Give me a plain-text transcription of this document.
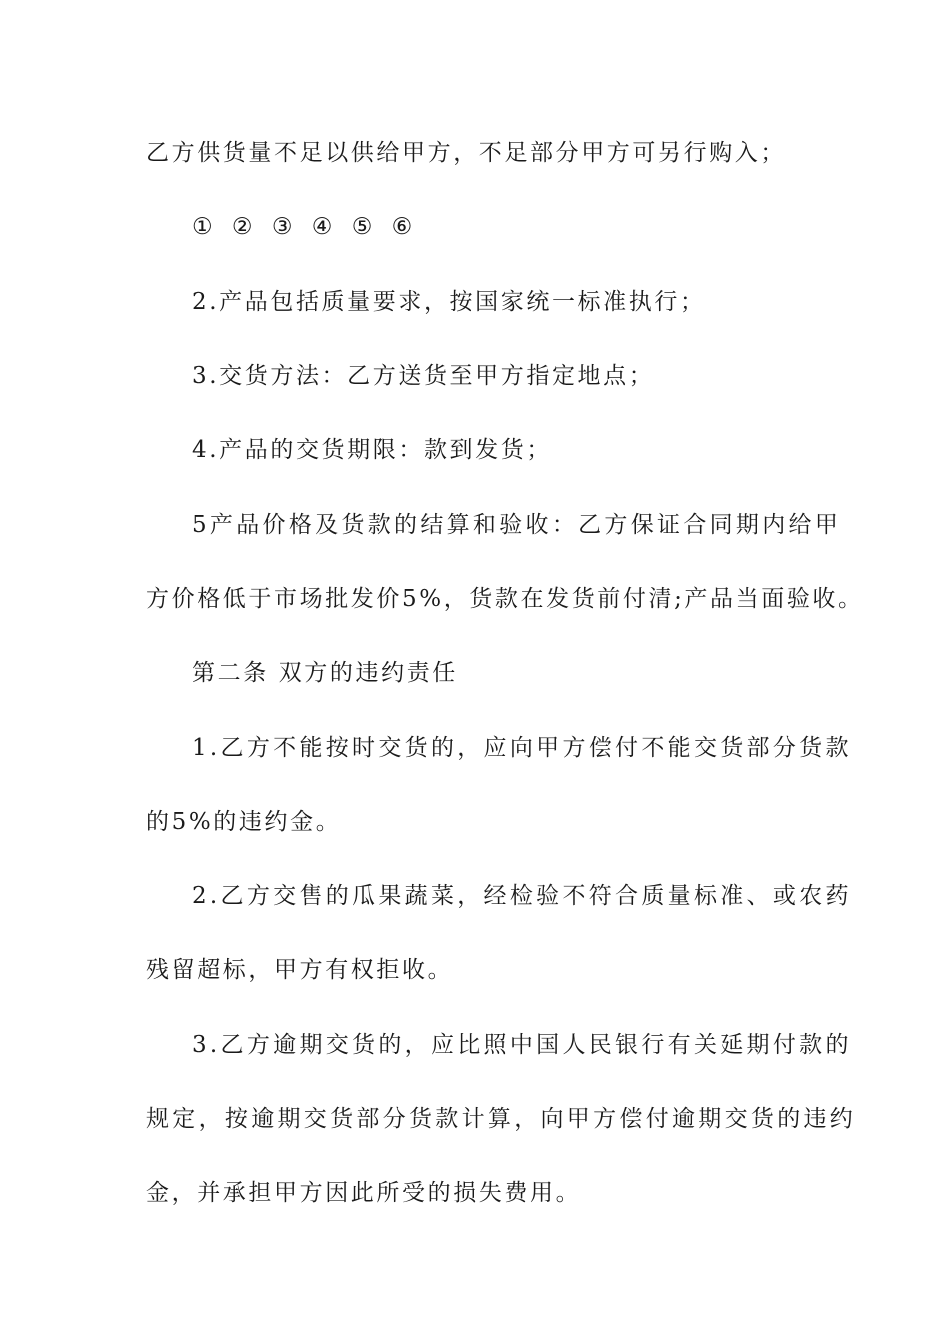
乙方供货量不足以供给甲方，不足部分甲方可另行购入；
① ② ③ ④ ⑤ ⑥
2.产品包括质量要求，按国家统一标准执行；
3.交货方法：乙方送货至甲方指定地点；
4.产品的交货期限：款到发货；
5产品价格及货款的结算和验收：乙方保证合同期内给甲
方价格低于市场批发价5%，货款在发货前付清;产品当面验收。
第二条 双方的违约责任
1.乙方不能按时交货的，应向甲方偿付不能交货部分货款
的5%的违约金。
2.乙方交售的瓜果蔬菜，经检验不符合质量标准、或农药
残留超标，甲方有权拒收。
3.乙方逾期交货的，应比照中国人民银行有关延期付款的
规定，按逾期交货部分货款计算，向甲方偿付逾期交货的违约
金，并承担甲方因此所受的损失费用。
